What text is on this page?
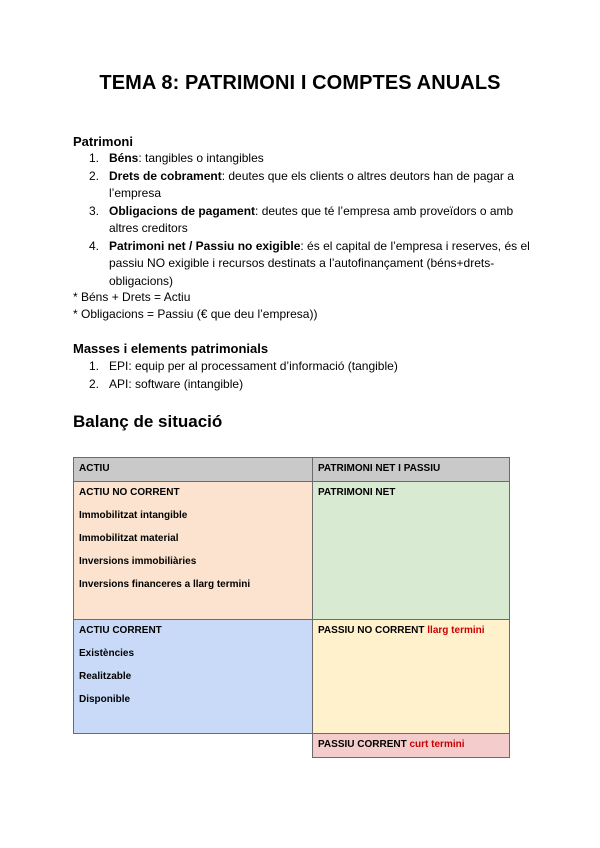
TEMA 8: PATRIMONI I COMPTES ANUALS
Patrimoni
1. Béns: tangibles o intangibles
2. Drets de cobrament: deutes que els clients o altres deutors han de pagar a l’empresa
3. Obligacions de pagament: deutes que té l’empresa amb proveïdors o amb altres creditors
4. Patrimoni net / Passiu no exigible: és el capital de l’empresa i reserves, és el passiu NO exigible i recursos destinats a l’autofinançament (béns+drets-obligacions)
* Béns + Drets = Actiu
* Obligacions = Passiu (€ que deu l’empresa))
Masses i elements patrimonials
1. EPI: equip per al processament d’informació (tangible)
2. API: software (intangible)
Balanç de situació
ACTIU	PATRIMONI NET I PASSIU
ACTIU NO CORRENT
Immobilitzat intangible
Immobilitzat material
Inversions immobiliàries
Inversions financeres a llarg termini
PATRIMONI NET
ACTIU CORRENT
Existències
Realitzable
Disponible
PASSIU NO CORRENT llarg termini
PASSIU CORRENT curt termini
